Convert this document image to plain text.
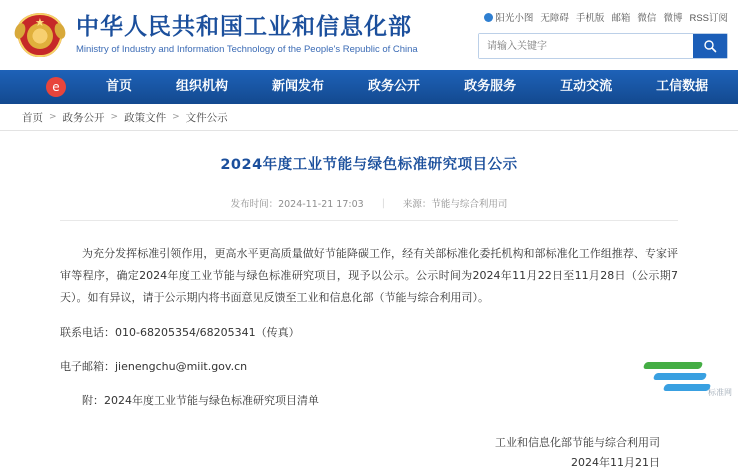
★ 中华人民共和国工业和信息化部
Ministry of Industry and Information Technology of the People's Republic of China
阳光小图 无障碍 手机版 邮箱 微信 微博 RSS订阅
请输入关键字
e	首页	组织机构	新闻发布	政务公开	政务服务	互动交流	工信数据
首页 > 政务公开 > 政策文件 > 文件公示
2024年度工业节能与绿色标准研究项目公示
发布时间：2024-11-21 17:03 | 来源：节能与综合利用司
为充分发挥标准引领作用，更高水平更高质量做好节能降碳工作，经有关部标准化委托机构和部标准化工作组推荐、专家评审等程序，确定2024年度工业节能与绿色标准研究项目，现予以公示。公示时间为2024年11月22日至11月28日（公示期7天）。如有异议，请于公示期内将书面意见反馈至工业和信息化部（节能与综合利用司）。
联系电话：010-68205354/68205341（传真）
电子邮箱：jienengchu@miit.gov.cn
附：2024年度工业节能与绿色标准研究项目清单
工业和信息化部节能与综合利用司
2024年11月21日
标准网
